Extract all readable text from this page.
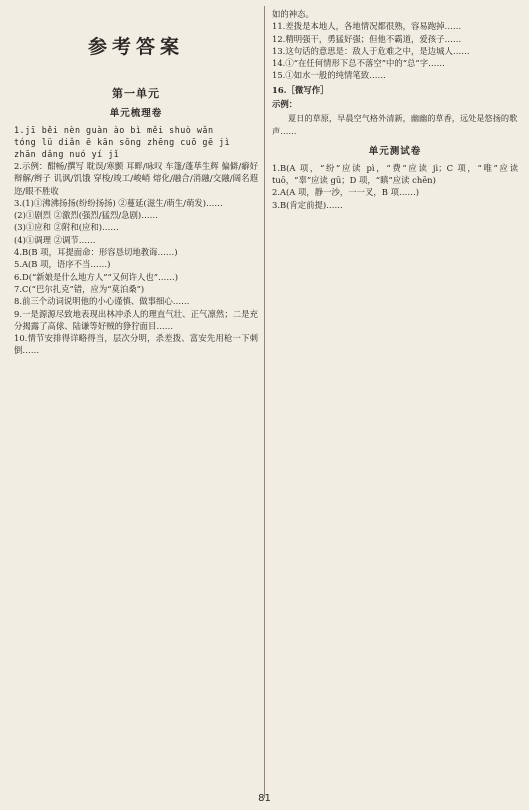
参考答案
第一单元
单元梳理卷

1.jī běi nèn guàn ào bì měi shuò wǎn

tóng lü diǎn ē kān sōng zhēng cuō gē jì

zhān dǎng nuó yí jǐ

2.示例：酣畅/撰写 耽误/寒颤 耳畔/咏叹 车篷/蓬荜生辉 偏僻/癖好 辩解/辫子 讥讽/饥饿 穿梭/竣工/峻峭 熔化/融合/消融/交融/阔名遐迩/眼不胜收

3.(1)①沸沸扬扬(纷纷扬扬) ②蔓延(滋生/萌生/萌发)……

(2)①剧烈 ②激烈(强烈/猛烈/急剧)……

(3)①应和 ②附和(应和)……

(4)①调理 ②调节……

4.B(B 项，耳提面命：形容恳切地教诲……)

5.A(B 项，语序不当……)

6.D(“新娘是什么地方人”“又何许人也”……)

7.C(“巴尔扎克”错，应为“莫泊桑”)

8.前三个动词说明他的小心谨慎、做事细心……

9.一是源源尽致地表现出林冲杀人的理直气壮、正气凛然；二是充分揭露了高俅、陆谦等好贼的狰狞面目……

10.情节安排得详略得当，层次分明，杀差拨、富安先用枪一下刺倒……

如的神态。

11.差拨是本地人，各地情况都很熟，容易跑掉……

12.精明强干，勇猛好强；但他不霸道，爱孩子……

13.这句话的意思是：敌人于危难之中，是边城人……

14.①“在任何情形下总不落空”中的“总”字……

15.①如水一般的纯情笔致……

16.［微写作］
示例：

夏日的草原，早晨空气格外清新，幽幽的草香，远处是悠扬的歌声……

单元测试卷

1.B(A 项，“纷”应读 pì，“费”应读 jì；C 项，“唯”应读 tuō，“辜”应读 gū；D 项，“瞋”应读 chēn)

2.A(A 项，静一沙，一一叉，B 项……)

3.B(肯定前提)……

81
